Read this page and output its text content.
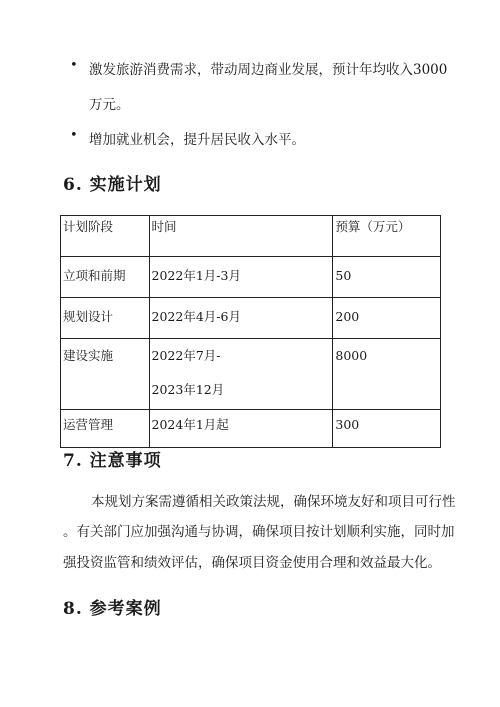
• 激发旅游消费需求，带动周边商业发展，预计年均收入3000
万元。
• 增加就业机会，提升居民收入水平。
6. 实施计划
计划阶段	时间	预算（万元）
立项和前期	2022年1月-3月	50
规划设计	2022年4月-6月	200
建设实施	2022年7月-
2023年12月	8000
运营管理	2024年1月起	300
7. 注意事项
本规划方案需遵循相关政策法规，确保环境友好和项目可行性
。有关部门应加强沟通与协调，确保项目按计划顺利实施，同时加
强投资监管和绩效评估，确保项目资金使用合理和效益最大化。
8. 参考案例
